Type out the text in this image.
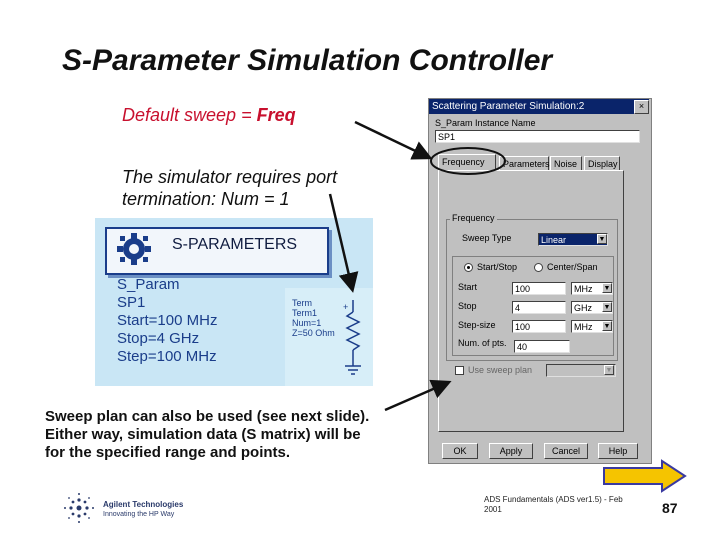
S-Parameter Simulation Controller
Default sweep = Freq
The simulator requires port
termination: Num = 1
S-PARAMETERS
S_Param
SP1
Start=100 MHz
Stop=4 GHz
Step=100 MHz
Term
Term1
Num=1
Z=50 Ohm
+
Sweep plan can also be used (see next slide).
Either way, simulation data (S matrix) will be
for the specified range and points.
Scattering Parameter Simulation:2	×
S_Param Instance Name
SP1
Frequency	Parameters Noise	Display
Frequency
Sweep Type	Linear	▼
Start/Stop	Center/Span
Start	100	MHz	▼
Stop	4	GHz	▼
Step-size	100	MHz	▼
Num. of pts.	40
Use sweep plan	▼
OK	Apply	Cancel	Help
Agilent Technologies
Innovating the HP Way
ADS Fundamentals (ADS ver1.5) - Feb
2001	87
